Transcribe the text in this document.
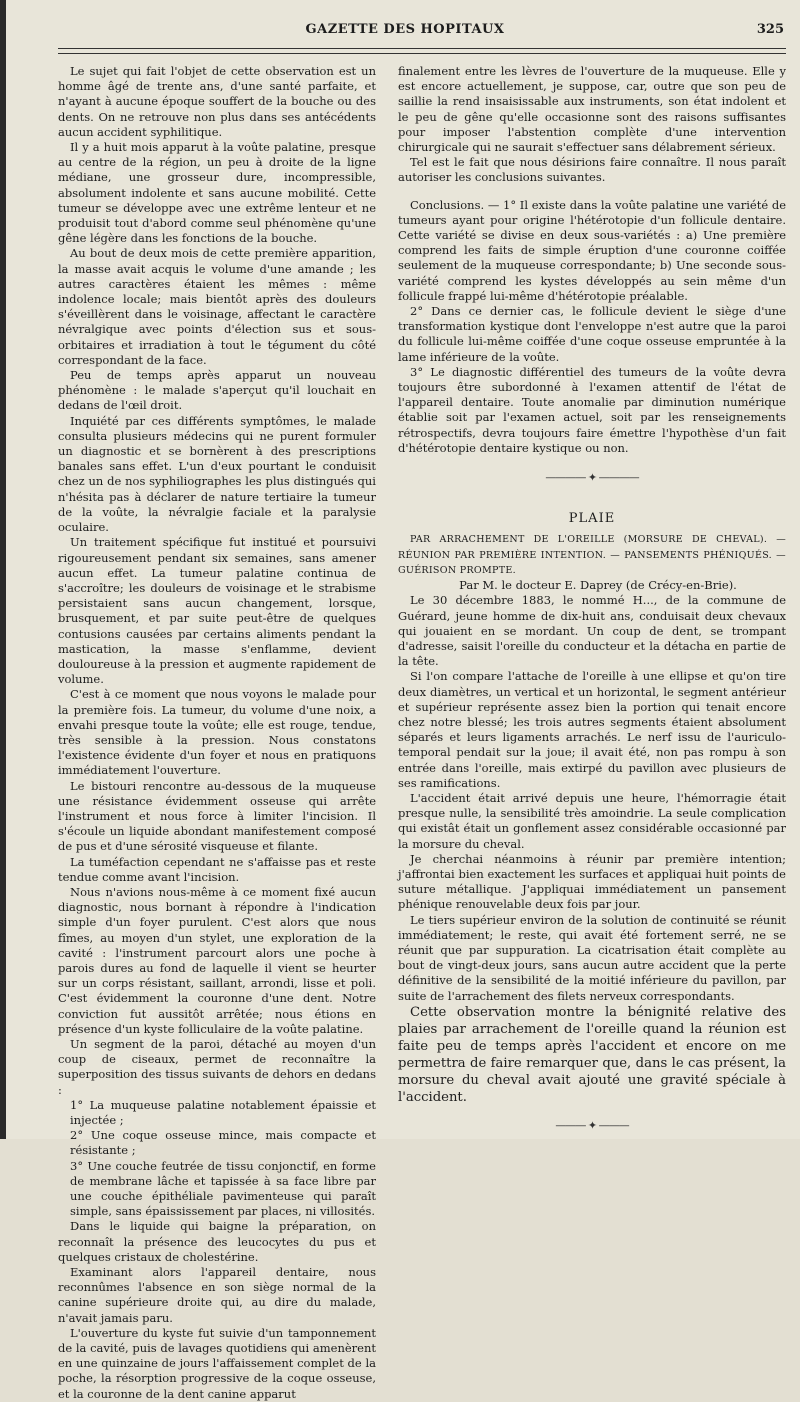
GAZETTE DES HOPITAUX	325

Le sujet qui fait l'objet de cette observation est un homme âgé de trente ans, d'une santé parfaite, et n'ayant à aucune époque souffert de la bouche ou des dents. On ne retrouve non plus dans ses antécédents aucun accident syphilitique.

Il y a huit mois apparut à la voûte palatine, presque au centre de la région, un peu à droite de la ligne médiane, une grosseur dure, incompressible, absolument indolente et sans aucune mobilité. Cette tumeur se développe avec une extrême lenteur et ne produisit tout d'abord comme seul phénomène qu'une gêne légère dans les fonctions de la bouche.

Au bout de deux mois de cette première apparition, la masse avait acquis le volume d'une amande ; les autres caractères étaient les mêmes : même indolence locale; mais bientôt après des douleurs s'éveillèrent dans le voisinage, affectant le caractère névralgique avec points d'élection sus et sous-orbitaires et irradiation à tout le tégument du côté correspondant de la face.

Peu de temps après apparut un nouveau phénomène : le malade s'aperçut qu'il louchait en dedans de l'œil droit.

Inquiété par ces différents symptômes, le malade consulta plusieurs médecins qui ne purent formuler un diagnostic et se bornèrent à des prescriptions banales sans effet. L'un d'eux pourtant le conduisit chez un de nos syphiliographes les plus distingués qui n'hésita pas à déclarer de nature tertiaire la tumeur de la voûte, la névralgie faciale et la paralysie oculaire.

Un traitement spécifique fut institué et poursuivi rigoureusement pendant six semaines, sans amener aucun effet. La tumeur palatine continua de s'accroître; les douleurs de voisinage et le strabisme persistaient sans aucun changement, lorsque, brusquement, et par suite peut-être de quelques contusions causées par certains aliments pendant la mastication, la masse s'enflamme, devient douloureuse à la pression et augmente rapidement de volume.

C'est à ce moment que nous voyons le malade pour la première fois. La tumeur, du volume d'une noix, a envahi presque toute la voûte; elle est rouge, tendue, très sensible à la pression. Nous constatons l'existence évidente d'un foyer et nous en pratiquons immédiatement l'ouverture.

Le bistouri rencontre au-dessous de la muqueuse une résistance évidemment osseuse qui arrête l'instrument et nous force à limiter l'incision. Il s'écoule un liquide abondant manifestement composé de pus et d'une sérosité visqueuse et filante.

La tuméfaction cependant ne s'affaisse pas et reste tendue comme avant l'incision.

Nous n'avions nous-même à ce moment fixé aucun diagnostic, nous bornant à répondre à l'indication simple d'un foyer purulent. C'est alors que nous fîmes, au moyen d'un stylet, une exploration de la cavité : l'instrument parcourt alors une poche à parois dures au fond de laquelle il vient se heurter sur un corps résistant, saillant, arrondi, lisse et poli. C'est évidemment la couronne d'une dent. Notre conviction fut aussitôt arrêtée; nous étions en présence d'un kyste folliculaire de la voûte palatine.

Un segment de la paroi, détaché au moyen d'un coup de ciseaux, permet de reconnaître la superposition des tissus suivants de dehors en dedans :

1° La muqueuse palatine notablement épaissie et injectée ;

2° Une coque osseuse mince, mais compacte et résistante ;

3° Une couche feutrée de tissu conjonctif, en forme de membrane lâche et tapissée à sa face libre par une couche épithéliale pavimenteuse qui paraît simple, sans épaississement par places, ni villosités.

Dans le liquide qui baigne la préparation, on reconnaît la présence des leucocytes du pus et quelques cristaux de cholestérine.

Examinant alors l'appareil dentaire, nous reconnûmes l'absence en son siège normal de la canine supérieure droite qui, au dire du malade, n'avait jamais paru.

L'ouverture du kyste fut suivie d'un tamponnement de la cavité, puis de lavages quotidiens qui amenèrent en une quinzaine de jours l'affaissement complet de la poche, la résorption progressive de la coque osseuse, et la couronne de la dent canine apparut

finalement entre les lèvres de l'ouverture de la muqueuse. Elle y est encore actuellement, je suppose, car, outre que son peu de saillie la rend insaisissable aux instruments, son état indolent et le peu de gêne qu'elle occasionne sont des raisons suffisantes pour imposer l'abstention complète d'une intervention chirurgicale qui ne saurait s'effectuer sans délabrement sérieux.

Tel est le fait que nous désirions faire connaître. Il nous paraît autoriser les conclusions suivantes.

Conclusions. — 1° Il existe dans la voûte palatine une variété de tumeurs ayant pour origine l'hétérotopie d'un follicule dentaire. Cette variété se divise en deux sous-variétés : a) Une première comprend les faits de simple éruption d'une couronne coiffée seulement de la muqueuse correspondante; b) Une seconde sous-variété comprend les kystes développés au sein même d'un follicule frappé lui-même d'hétérotopie préalable.

2° Dans ce dernier cas, le follicule devient le siège d'une transformation kystique dont l'enveloppe n'est autre que la paroi du follicule lui-même coiffée d'une coque osseuse empruntée à la lame inférieure de la voûte.

3° Le diagnostic différentiel des tumeurs de la voûte devra toujours être subordonné à l'examen attentif de l'état de l'appareil dentaire. Toute anomalie par diminution numérique établie soit par l'examen actuel, soit par les renseignements rétrospectifs, devra toujours faire émettre l'hypothèse d'un fait d'hétérotopie dentaire kystique ou non.

———— ✦ ————
PLAIE

PAR ARRACHEMENT DE L'OREILLE (MORSURE DE CHEVAL). — RÉUNION PAR PREMIÈRE INTENTION. — PANSEMENTS PHÉNIQUÉS. — GUÉRISON PROMPTE.

Par M. le docteur E. Daprey (de Crécy-en-Brie).

Le 30 décembre 1883, le nommé H..., de la commune de Guérard, jeune homme de dix-huit ans, conduisait deux chevaux qui jouaient en se mordant. Un coup de dent, se trompant d'adresse, saisit l'oreille du conducteur et la détacha en partie de la tête.

Si l'on compare l'attache de l'oreille à une ellipse et qu'on tire deux diamètres, un vertical et un horizontal, le segment antérieur et supérieur représente assez bien la portion qui tenait encore chez notre blessé; les trois autres segments étaient absolument séparés et leurs ligaments arrachés. Le nerf issu de l'auriculo-temporal pendait sur la joue; il avait été, non pas rompu à son entrée dans l'oreille, mais extirpé du pavillon avec plusieurs de ses ramifications.

L'accident était arrivé depuis une heure, l'hémorragie était presque nulle, la sensibilité très amoindrie. La seule complication qui existât était un gonflement assez considérable occasionné par la morsure du cheval.

Je cherchai néanmoins à réunir par première intention; j'affrontai bien exactement les surfaces et appliquai huit points de suture métallique. J'appliquai immédiatement un pansement phénique renouvelable deux fois par jour.

Le tiers supérieur environ de la solution de continuité se réunit immédiatement; le reste, qui avait été fortement serré, ne se réunit que par suppuration. La cicatrisation était complète au bout de vingt-deux jours, sans aucun autre accident que la perte définitive de la sensibilité de la moitié inférieure du pavillon, par suite de l'arrachement des filets nerveux correspondants.

Cette observation montre la bénignité relative des plaies par arrachement de l'oreille quand la réunion est faite peu de temps après l'accident et encore on me permettra de faire remarquer que, dans le cas présent, la morsure du cheval avait ajouté une gravité spéciale à l'accident.

——— ✦ ———
